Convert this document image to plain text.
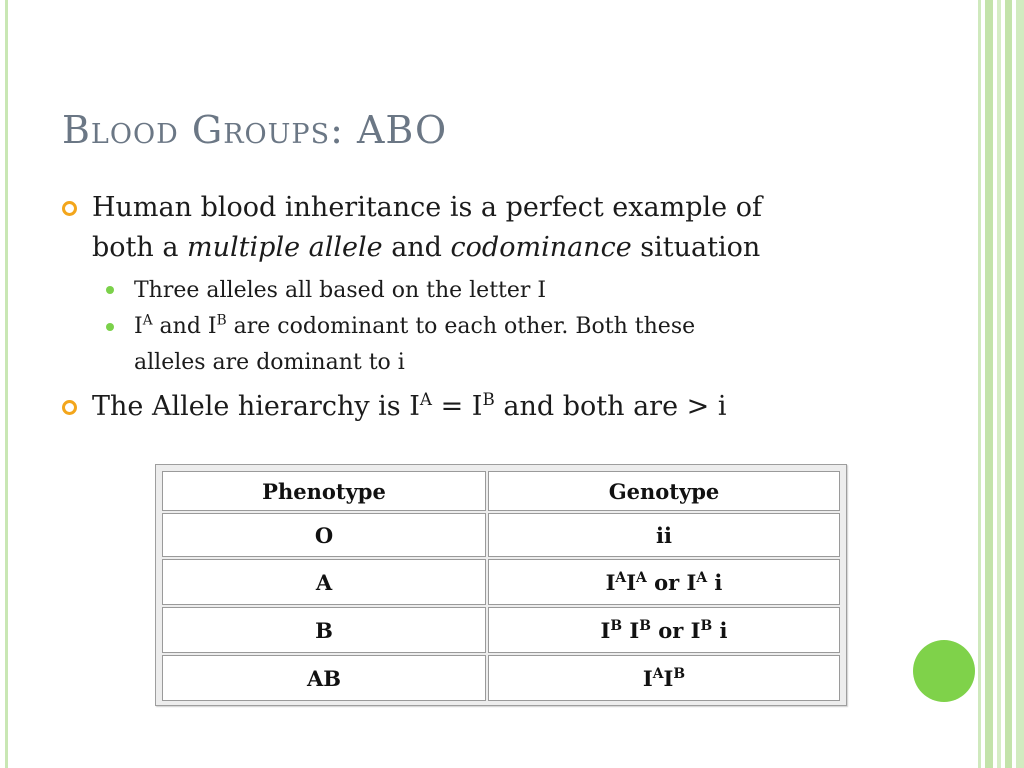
Blood Groups: ABO
Human blood inheritance is a perfect example of
both a multiple allele and codominance situation
Three alleles all based on the letter I
$I^A$ and $I^B$ are codominant to each other. Both these
alleles are dominant to i
The Allele hierarchy is $I^A = I^B$ and both are > i
Phenotype	Genotype
O	ii
A	$I^AI^A$ or $I^A$ i
B	$I^B$ $I^B$ or $I^B$ i
AB	$I^AI^B$
